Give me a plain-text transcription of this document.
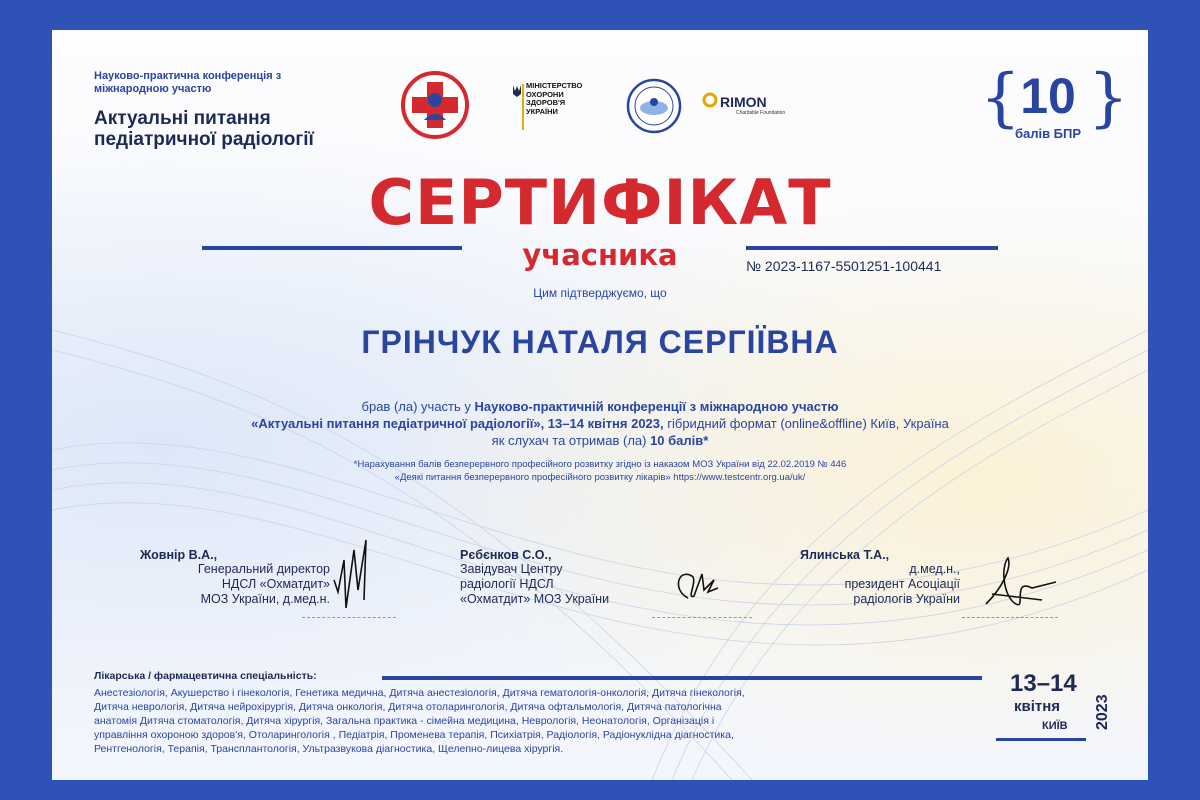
Науково-практична конференція з міжнародною участю
Актуальні питання педіатричної радіології
МІНІСТЕРСТВО ОХОРОНИ ЗДОРОВ'Я УКРАЇНИ
RIMON
Charitable Foundation	{ }
10
балів БПР
СЕРТИФІКАТ
учасника	№ 2023-1167-5501251-100441
Цим підтверджуємо, що
ГРІНЧУК НАТАЛЯ СЕРГІЇВНА
брав (ла) участь у Науково-практичній конференції з міжнародною участю
«Актуальні питання педіатричної радіології», 13–14 квітня 2023, гібридний формат (online&offline) Київ, Україна
як слухач та отримав (ла) 10 балів*
*Нарахування балів безперервного професійного розвитку згідно із наказом МОЗ України від 22.02.2019 № 446
«Деякі питання безперервного професійного розвитку лікарів» https://www.testcentr.org.ua/uk/
Жовнір В.А.,
Генеральний директор
НДСЛ «Охматдит»
МОЗ України, д.мед.н.
Рєбєнков С.О.,
Завідувач Центру
радіології НДСЛ
«Охматдит» МОЗ України
Ялинська Т.А.,
д.мед.н.,
президент Асоціації
радіологів України
Лікарська / фармацевтична спеціальність:
Анестезіологія, Акушерство і гінекологія, Генетика медична, Дитяча анестезіологія, Дитяча гематологія-онкологія, Дитяча гінекологія,
Дитяча неврологія, Дитяча нейрохірургія, Дитяча онкологія, Дитяча отоларингологія, Дитяча офтальмологія, Дитяча патологічна
анатомія Дитяча стоматологія, Дитяча хірургія, Загальна практика - сімейна медицина, Неврологія, Неонатологія, Організація і
управління охороною здоров'я, Отоларингологія , Педіатрія, Променева терапія, Психіатрія, Радіологія, Радіонуклідна діагностика,
Рентгенологія, Терапія, Трансплантологія, Ультразвукова діагностика, Щелепно-лицева хірургія.
13–14
квітня
КИЇВ 2023
